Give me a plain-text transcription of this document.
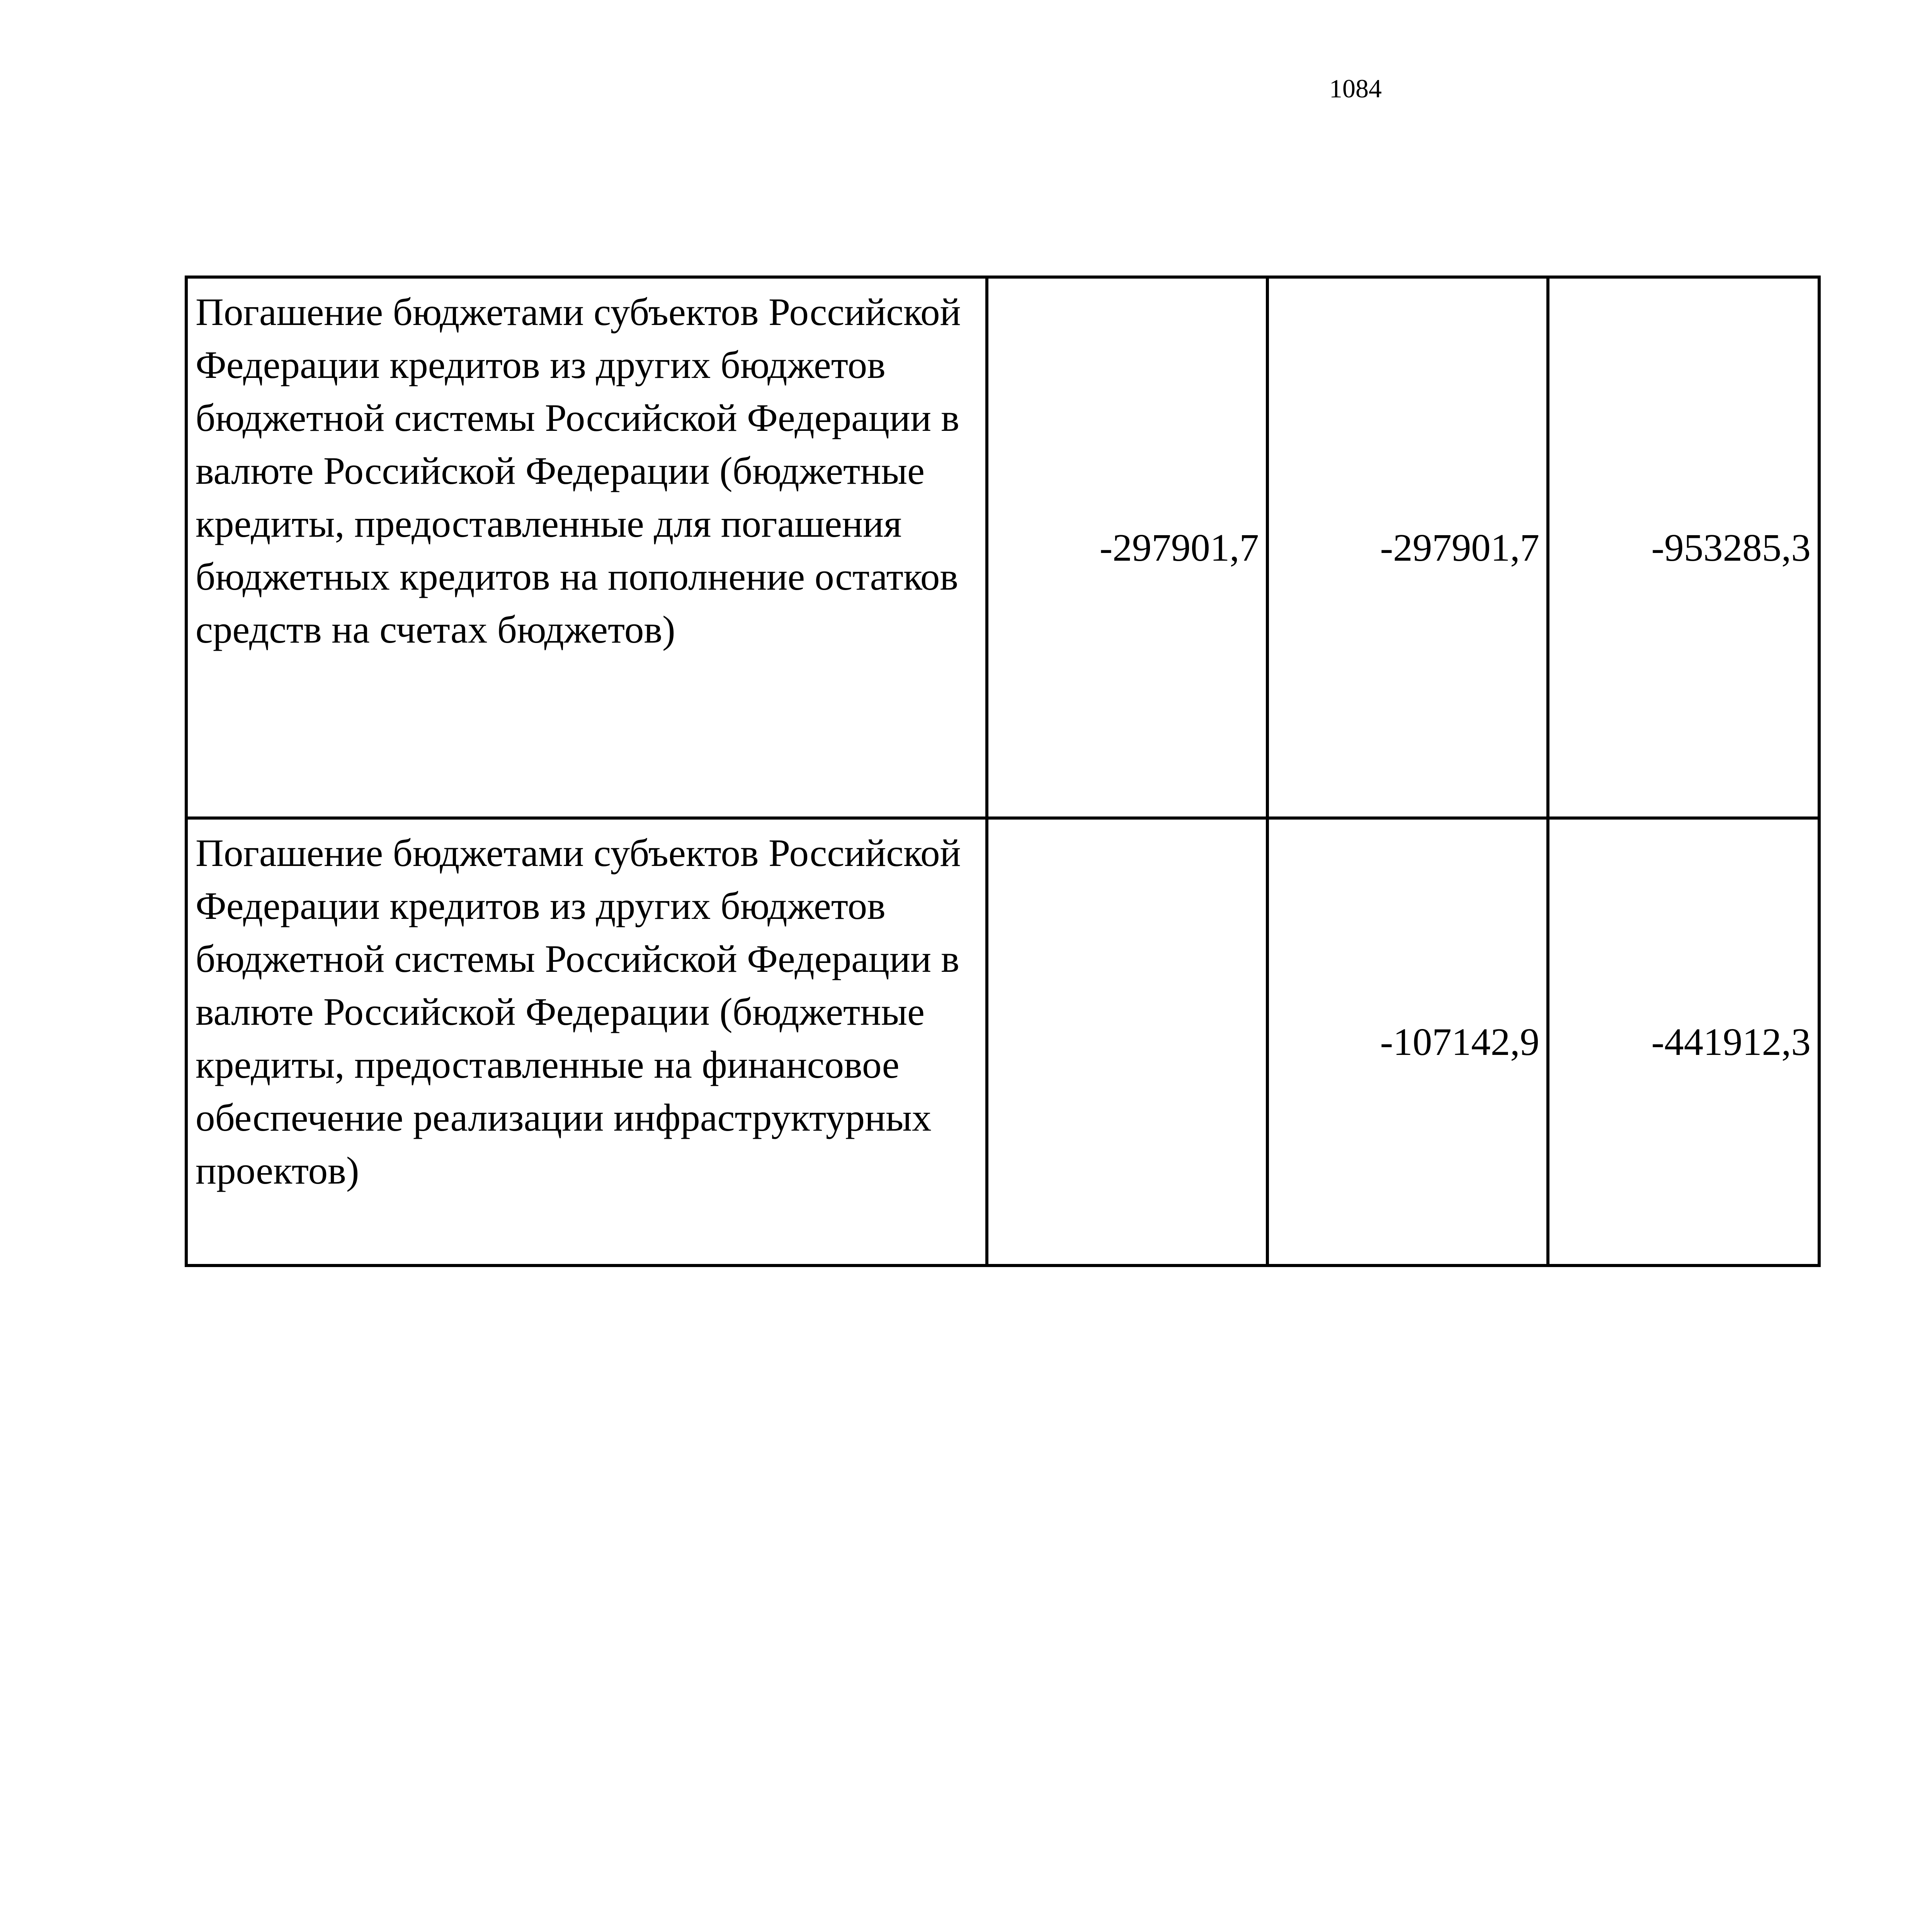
1084
Погашение бюджетами субъектов Российской Федерации кредитов из других бюджетов бюджетной системы Российской Федерации в валюте Российской Федерации (бюджетные кредиты, предоставленные для погашения бюджетных кредитов на пополнение остатков средств на счетах бюджетов)	-297901,7	-297901,7	-953285,3
Погашение бюджетами субъектов Российской Федерации кредитов из других бюджетов бюджетной системы Российской Федерации в валюте Российской Федерации (бюджетные кредиты, предоставленные на финансовое обеспечение реализации инфраструктурных проектов)		-107142,9	-441912,3
